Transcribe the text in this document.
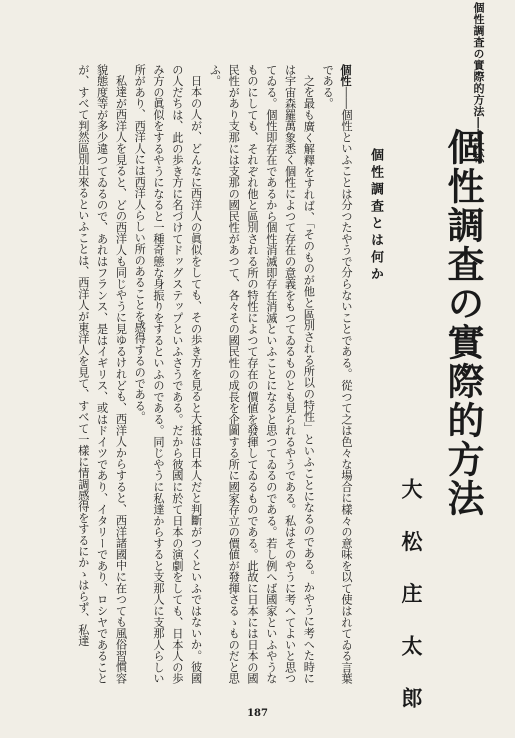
個性調査の實際的方法――大松
個性調査の實際的方法
大 松 庄 太 郎
個性調査とは何か

個性――個性といふことは分つたやうで分らないことである。從つて之は色々な場合に樣々の意味を以て使はれてゐる言葉である。

之を最も廣く解釋をすれば、「そのものが他と區別される所以の特性」といふことになるのである。かやうに考へた時には宇宙森羅萬象悉く個性によつて存在の意義をもつてゐるものとも見られるやうである。私はそのやうに考へてよいと思つてゐる。個性即存在であるから個性消滅即存在消滅といふことになると思つてゐるのである。若し例へば國家といふやうなものにしても、それぞれ他と區別される所の特性によつて存在の價値を發揮してゐるものである。此故に日本には日本の國民性があり支那には支那の國民性があつて、各々その國民性の成長を企圖する所に國家存立の價値が發揮さるゝものだと思ふ。

日本の人が、どんなに西洋人の眞似をしても、その歩き方を見ると大抵は日本人だと判斷がつくといふではないか。彼國の人だちは、此の歩き方に名づけてドッグステップといふさうである。だから彼國に於て日本の演劇をしても、日本人の歩み方の眞似をするやうになると一種奇態な身振りをするといふのである。同じやうに私達からすると支那人に支那人らしい所があり、西洋人には西洋人らしい所のあることを感得するのである。

私達が西洋人を見ると、どの西洋人も同じやうに見ゆるけれども、西洋人からすると、西洋諸國中に在つても風俗習慣容貌態度等が多少違つてゐるので、あれはフランス、是はイギリス、或はドイツであり、イタリーであり、ロシヤであることが、すべて判然區別出來るといふことは、西洋人が東洋人を見て、すべて一樣に情調感得をするにかゝはらず、私達

187
